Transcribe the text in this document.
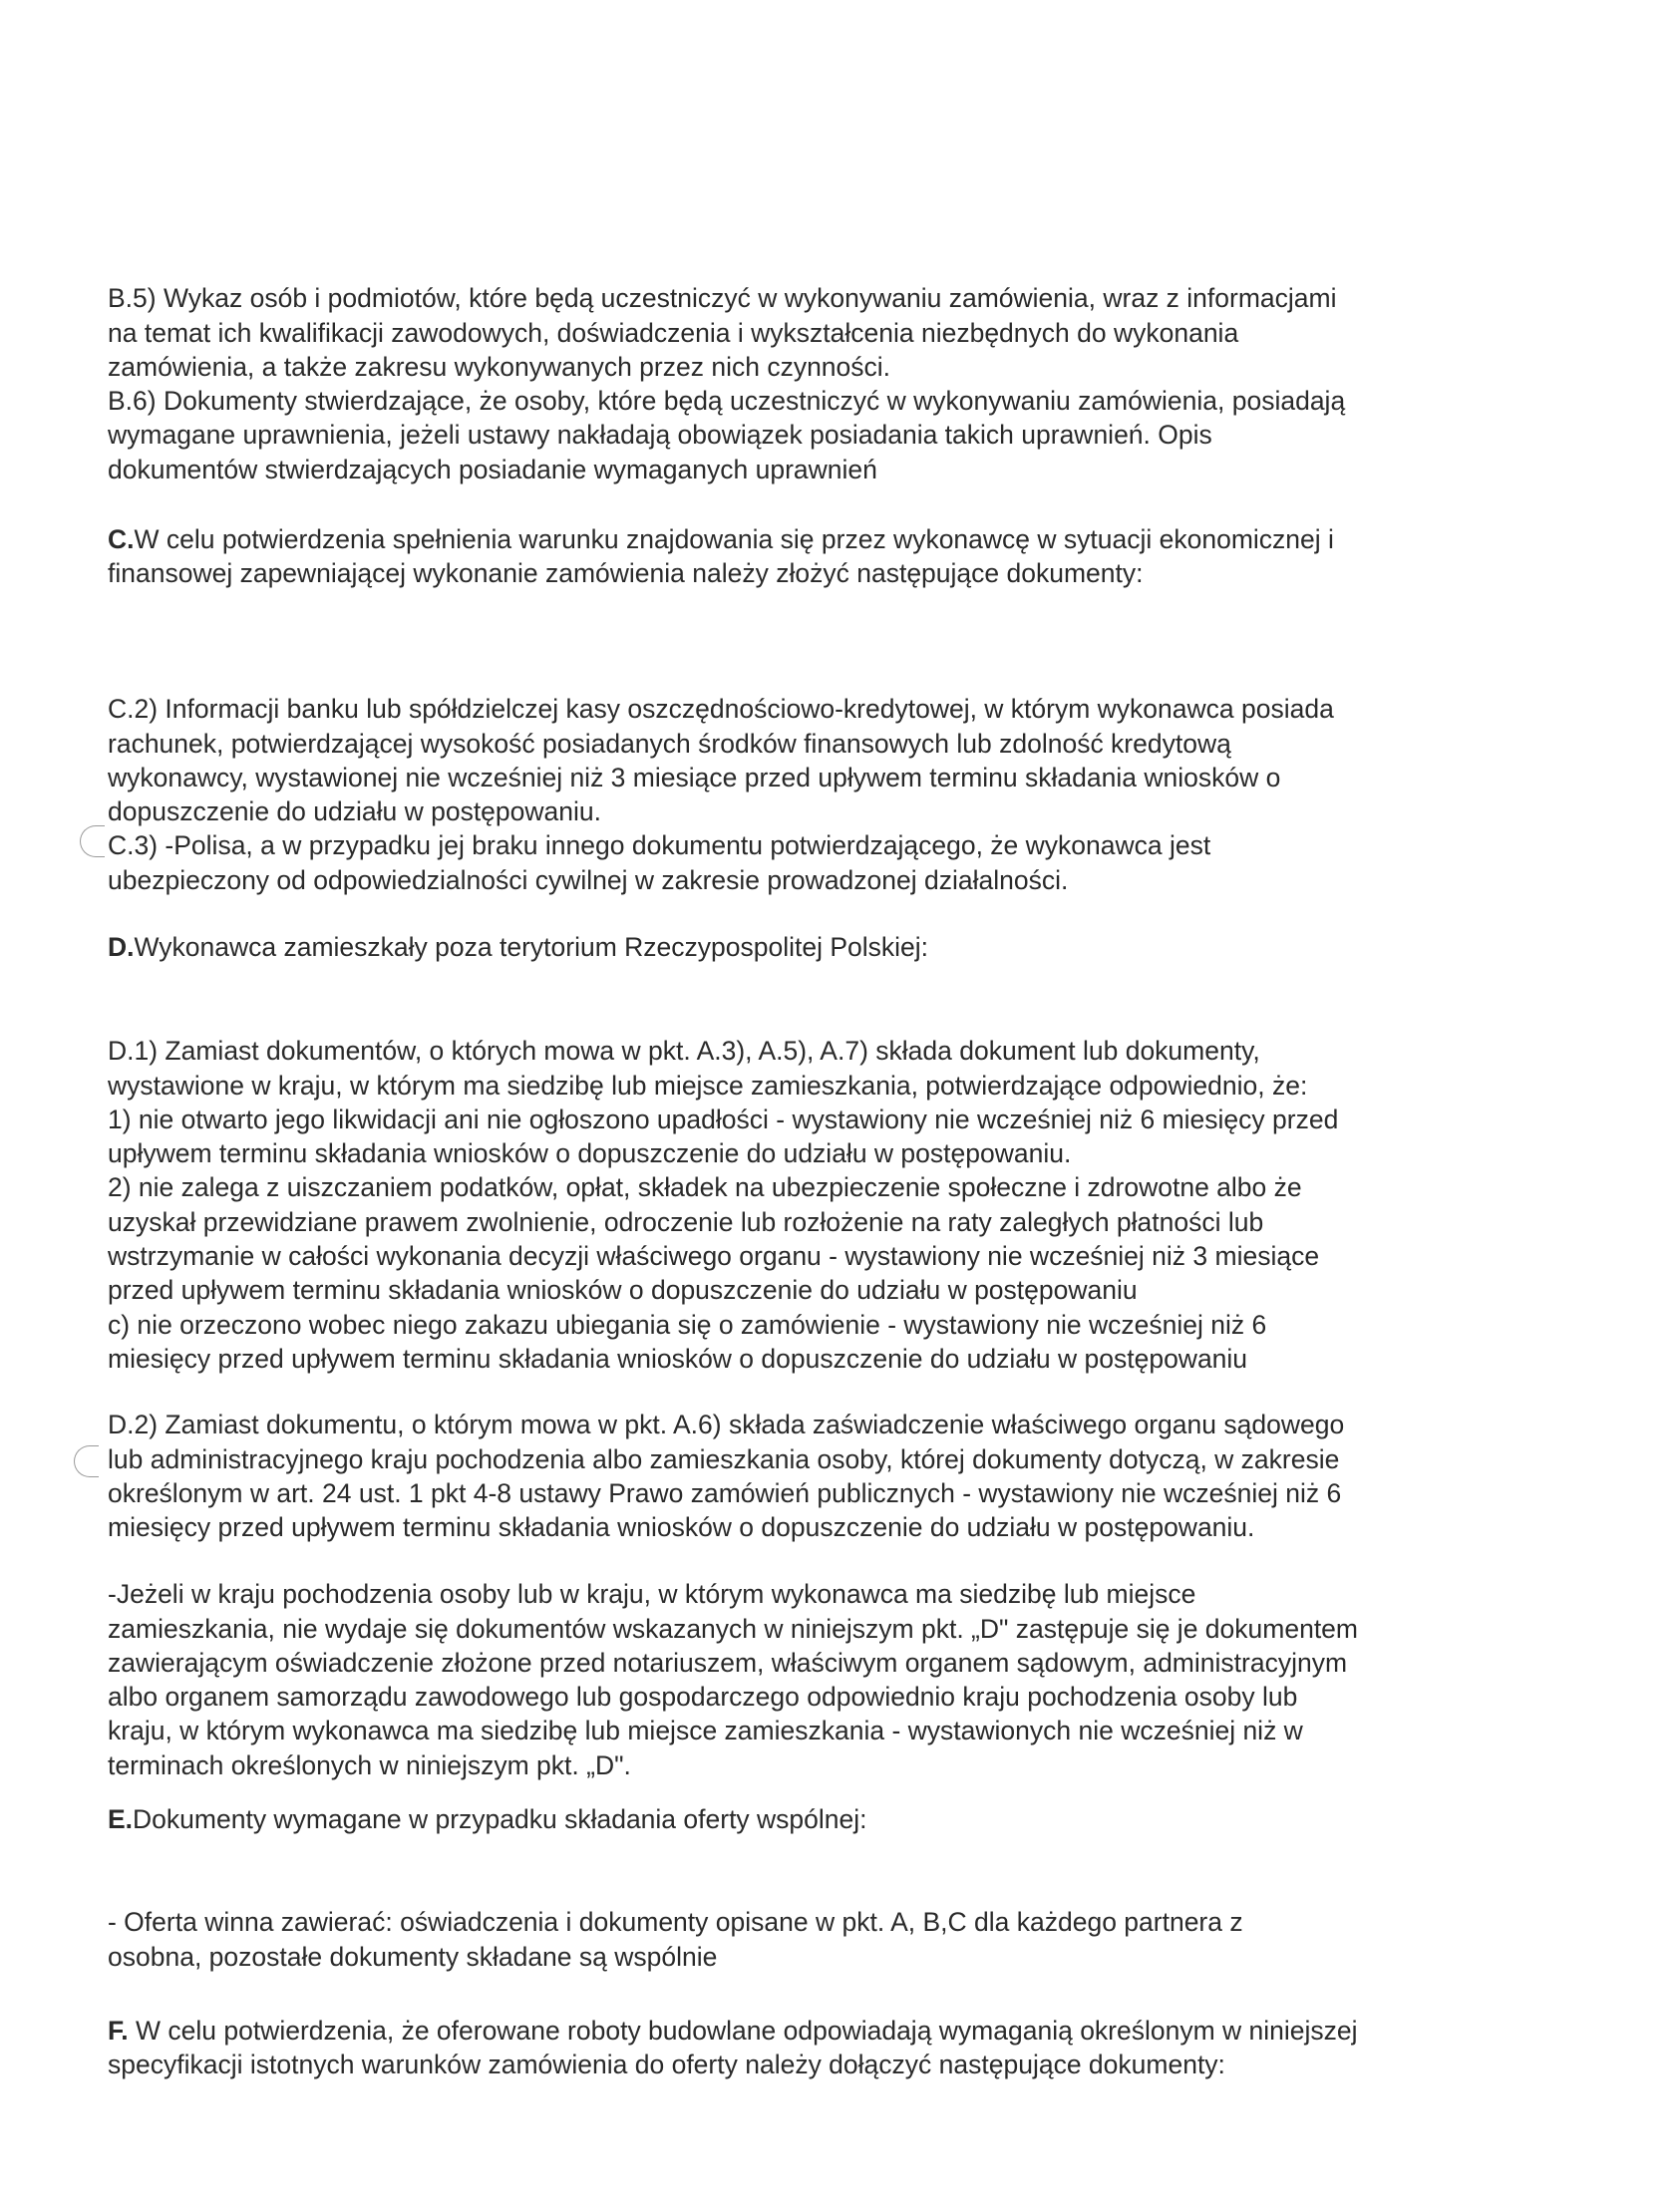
B.5) Wykaz osób i podmiotów, które będą uczestniczyć w wykonywaniu zamówienia, wraz z informacjami
na temat ich kwalifikacji zawodowych, doświadczenia i wykształcenia niezbędnych do wykonania
zamówienia, a także zakresu wykonywanych przez nich czynności.
B.6) Dokumenty stwierdzające, że osoby, które będą uczestniczyć w wykonywaniu zamówienia, posiadają
wymagane uprawnienia, jeżeli ustawy nakładają obowiązek posiadania takich uprawnień. Opis
dokumentów stwierdzających posiadanie wymaganych uprawnień

C.W celu potwierdzenia spełnienia warunku znajdowania się przez wykonawcę w sytuacji ekonomicznej i
finansowej zapewniającej wykonanie zamówienia należy złożyć następujące dokumenty:

C.2) Informacji banku lub spółdzielczej kasy oszczędnościowo-kredytowej, w którym wykonawca posiada
rachunek, potwierdzającej wysokość posiadanych środków finansowych lub zdolność kredytową
wykonawcy, wystawionej nie wcześniej niż 3 miesiące przed upływem terminu składania wniosków o
dopuszczenie do udziału w postępowaniu.
C.3) -Polisa, a w przypadku jej braku innego dokumentu potwierdzającego, że wykonawca jest
ubezpieczony od odpowiedzialności cywilnej w zakresie prowadzonej działalności.

D.Wykonawca zamieszkały poza terytorium Rzeczypospolitej Polskiej:

D.1) Zamiast dokumentów, o których mowa w pkt. A.3), A.5), A.7) składa dokument lub dokumenty,
wystawione w kraju, w którym ma siedzibę lub miejsce zamieszkania, potwierdzające odpowiednio, że:
1) nie otwarto jego likwidacji ani nie ogłoszono upadłości - wystawiony nie wcześniej niż 6 miesięcy przed
upływem terminu składania wniosków o dopuszczenie do udziału w postępowaniu.
2) nie zalega z uiszczaniem podatków, opłat, składek na ubezpieczenie społeczne i zdrowotne albo że
uzyskał przewidziane prawem zwolnienie, odroczenie lub rozłożenie na raty zaległych płatności lub
wstrzymanie w całości wykonania decyzji właściwego organu - wystawiony nie wcześniej niż 3 miesiące
przed upływem terminu składania wniosków o dopuszczenie do udziału w postępowaniu
c) nie orzeczono wobec niego zakazu ubiegania się o zamówienie - wystawiony nie wcześniej niż 6
miesięcy przed upływem terminu składania wniosków o dopuszczenie do udziału w postępowaniu

D.2) Zamiast dokumentu, o którym mowa w pkt. A.6) składa zaświadczenie właściwego organu sądowego
lub administracyjnego kraju pochodzenia albo zamieszkania osoby, której dokumenty dotyczą, w zakresie
określonym w art. 24 ust. 1 pkt 4-8 ustawy Prawo zamówień publicznych - wystawiony nie wcześniej niż 6
miesięcy przed upływem terminu składania wniosków o dopuszczenie do udziału w postępowaniu.

-Jeżeli w kraju pochodzenia osoby lub w kraju, w którym wykonawca ma siedzibę lub miejsce
zamieszkania, nie wydaje się dokumentów wskazanych w niniejszym pkt. „D" zastępuje się je dokumentem
zawierającym oświadczenie złożone przed notariuszem, właściwym organem sądowym, administracyjnym
albo organem samorządu zawodowego lub gospodarczego odpowiednio kraju pochodzenia osoby lub
kraju, w którym wykonawca ma siedzibę lub miejsce zamieszkania - wystawionych nie wcześniej niż w
terminach określonych w niniejszym pkt. „D".

E.Dokumenty wymagane w przypadku składania oferty wspólnej:

- Oferta winna zawierać: oświadczenia i dokumenty opisane w pkt. A, B,C dla każdego partnera z
osobna, pozostałe dokumenty składane są wspólnie

F. W celu potwierdzenia, że oferowane roboty budowlane odpowiadają wymaganią określonym w niniejszej
specyfikacji istotnych warunków zamówienia do oferty należy dołączyć następujące dokumenty:
